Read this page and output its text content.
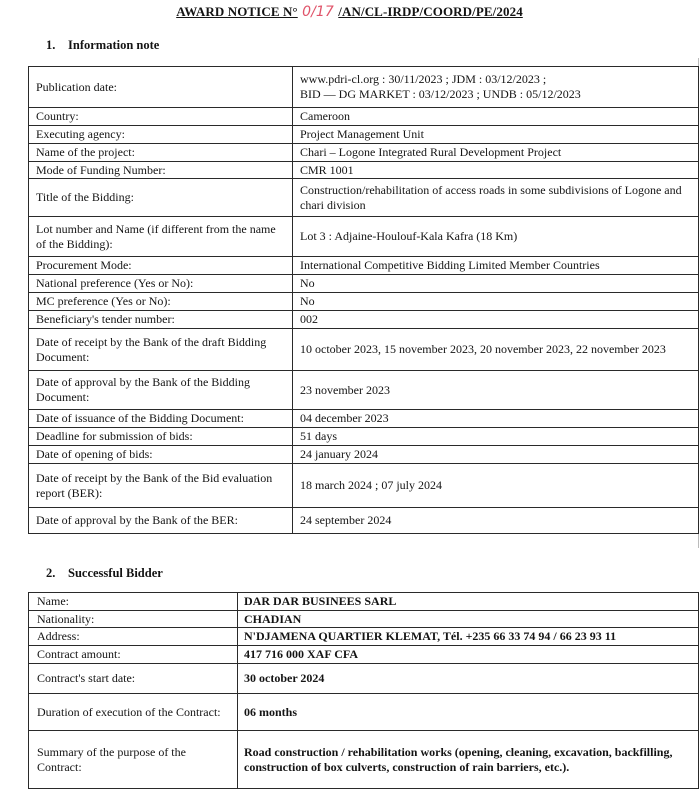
AWARD NOTICE N° 0/17 /AN/CL-IRDP/COORD/PE/2024
1. Information note
Publication date:	www.pdri-cl.org : 30/11/2023 ; JDM : 03/12/2023 ;
BID — DG MARKET : 03/12/2023 ; UNDB : 05/12/2023

Country:	Cameroon
Executing agency:	Project Management Unit
Name of the project:	Chari – Logone Integrated Rural Development Project
Mode of Funding Number:	CMR 1001
Title of the Bidding:	Construction/rehabilitation of access roads in some subdivisions of Logone and chari division
Lot number and Name (if different from the name of the Bidding):	Lot 3 : Adjaine-Houlouf-Kala Kafra (18 Km)
Procurement Mode:	International Competitive Bidding Limited Member Countries
National preference (Yes or No):	No
MC preference (Yes or No):	No
Beneficiary's tender number:	002
Date of receipt by the Bank of the draft Bidding Document:	10 october 2023, 15 november 2023, 20 november 2023, 22 november 2023
Date of approval by the Bank of the Bidding Document:	23 november 2023
Date of issuance of the Bidding Document:	04 december 2023
Deadline for submission of bids:	51 days
Date of opening of bids:	24 january 2024
Date of receipt by the Bank of the Bid evaluation report (BER):	18 march 2024 ; 07 july 2024
Date of approval by the Bank of the BER:	24 september 2024
2. Successful Bidder
Name:	DAR DAR BUSINEES SARL
Nationality:	CHADIAN
Address:	N'DJAMENA QUARTIER KLEMAT, Tél. +235 66 33 74 94 / 66 23 93 11
Contract amount:	417 716 000 XAF CFA
Contract's start date:	30 october 2024
Duration of execution of the Contract:	06 months
Summary of the purpose of the Contract:	Road construction / rehabilitation works (opening, cleaning, excavation, backfilling, construction of box culverts, construction of rain barriers, etc.).
